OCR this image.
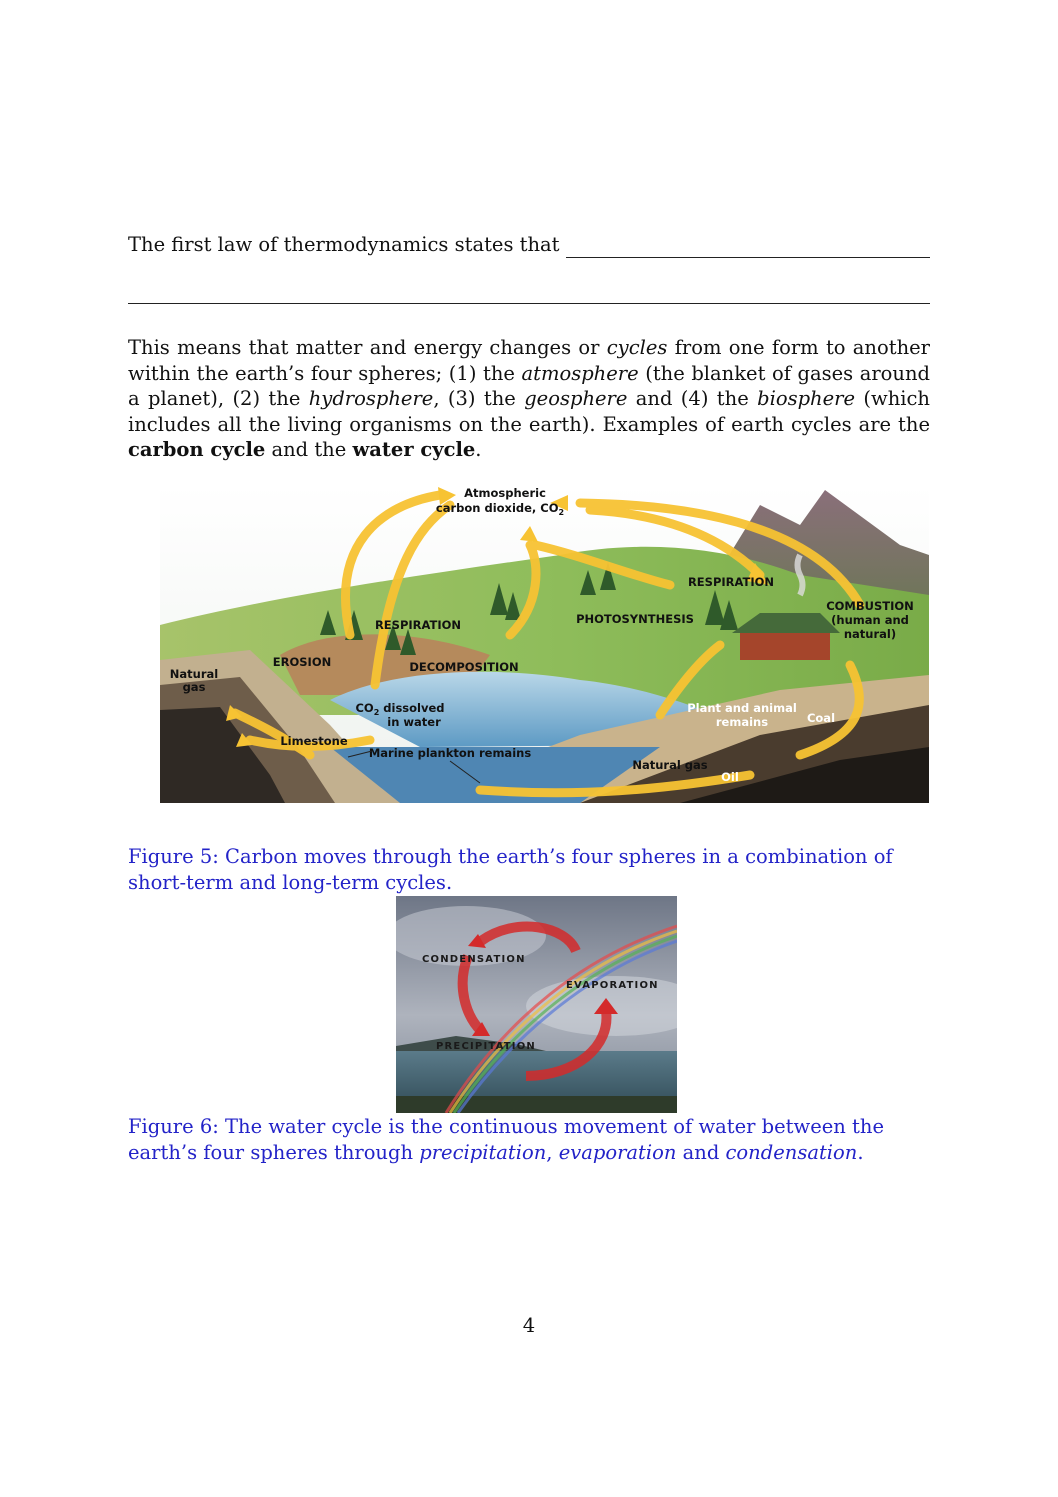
The first law of thermodynamics states that
This means that matter and energy changes or cycles from one form to another within the earth’s four spheres; (1) the atmosphere (the blanket of gases around a planet), (2) the hydrosphere, (3) the geosphere and (4) the biosphere (which includes all the living organisms on the earth). Examples of earth cycles are the carbon cycle and the water cycle.
Atmospheric
carbon dioxide, $CO_2$
RESPIRATION
COMBUSTION
(human and
natural)
PHOTOSYNTHESIS
RESPIRATION
EROSION	DECOMPOSITION
Natural
gas
$CO_2$ dissolved
in water
Plant and animal
remains	Coal
Limestone
Marine plankton remains
Natural gas
Oil
Figure 5: Carbon moves through the earth’s four spheres in a combination of short-term and long-term cycles.
CONDENSATION
EVAPORATION
PRECIPITATION
Figure 6: The water cycle is the continuous movement of water between the earth’s four spheres through precipitation, evaporation and condensation.
4
